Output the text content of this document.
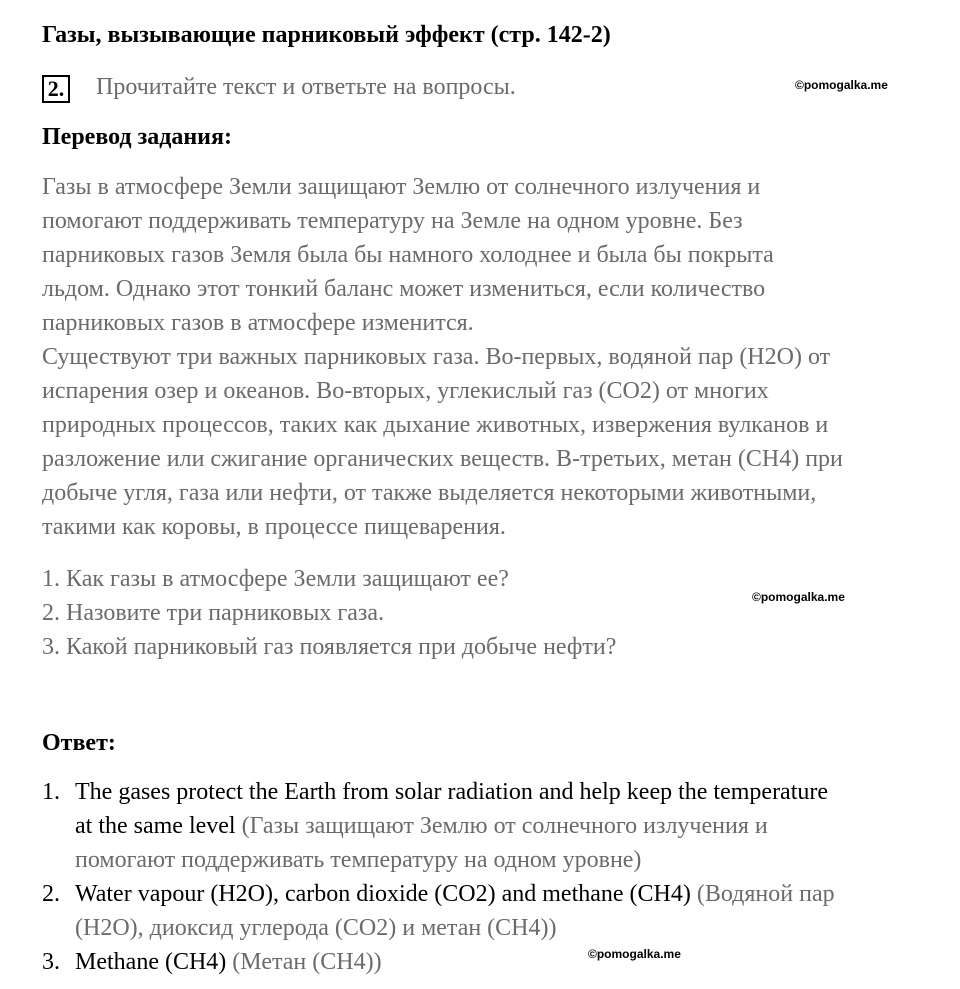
Газы, вызывающие парниковый эффект (стр. 142-2)
2. Прочитайте текст и ответьте на вопросы.	©pomogalka.me
Перевод задания:
Газы в атмосфере Земли защищают Землю от солнечного излучения и
помогают поддерживать температуру на Земле на одном уровне. Без
парниковых газов Земля была бы намного холоднее и была бы покрыта
льдом. Однако этот тонкий баланс может измениться, если количество
парниковых газов в атмосфере изменится.
Существуют три важных парниковых газа. Во-первых, водяной пар (H2O) от
испарения озер и океанов. Во-вторых, углекислый газ (CO2) от многих
природных процессов, таких как дыхание животных, извержения вулканов и
разложение или сжигание органических веществ. В-третьих, метан (CH4) при
добыче угля, газа или нефти, от также выделяется некоторыми животными,
такими как коровы, в процессе пищеварения.
1. Как газы в атмосфере Земли защищают ее?
2. Назовите три парниковых газа.
3. Какой парниковый газ появляется при добыче нефти?
©pomogalka.me
Ответ:
1. The gases protect the Earth from solar radiation and help keep the temperature
at the same level (Газы защищают Землю от солнечного излучения и
помогают поддерживать температуру на одном уровне)
2. Water vapour (H2O), carbon dioxide (CO2) and methane (CH4) (Водяной пар
(H2O), диоксид углерода (CO2) и метан (CH4))
3. Methane (CH4) (Метан (CH4))	©pomogalka.me
